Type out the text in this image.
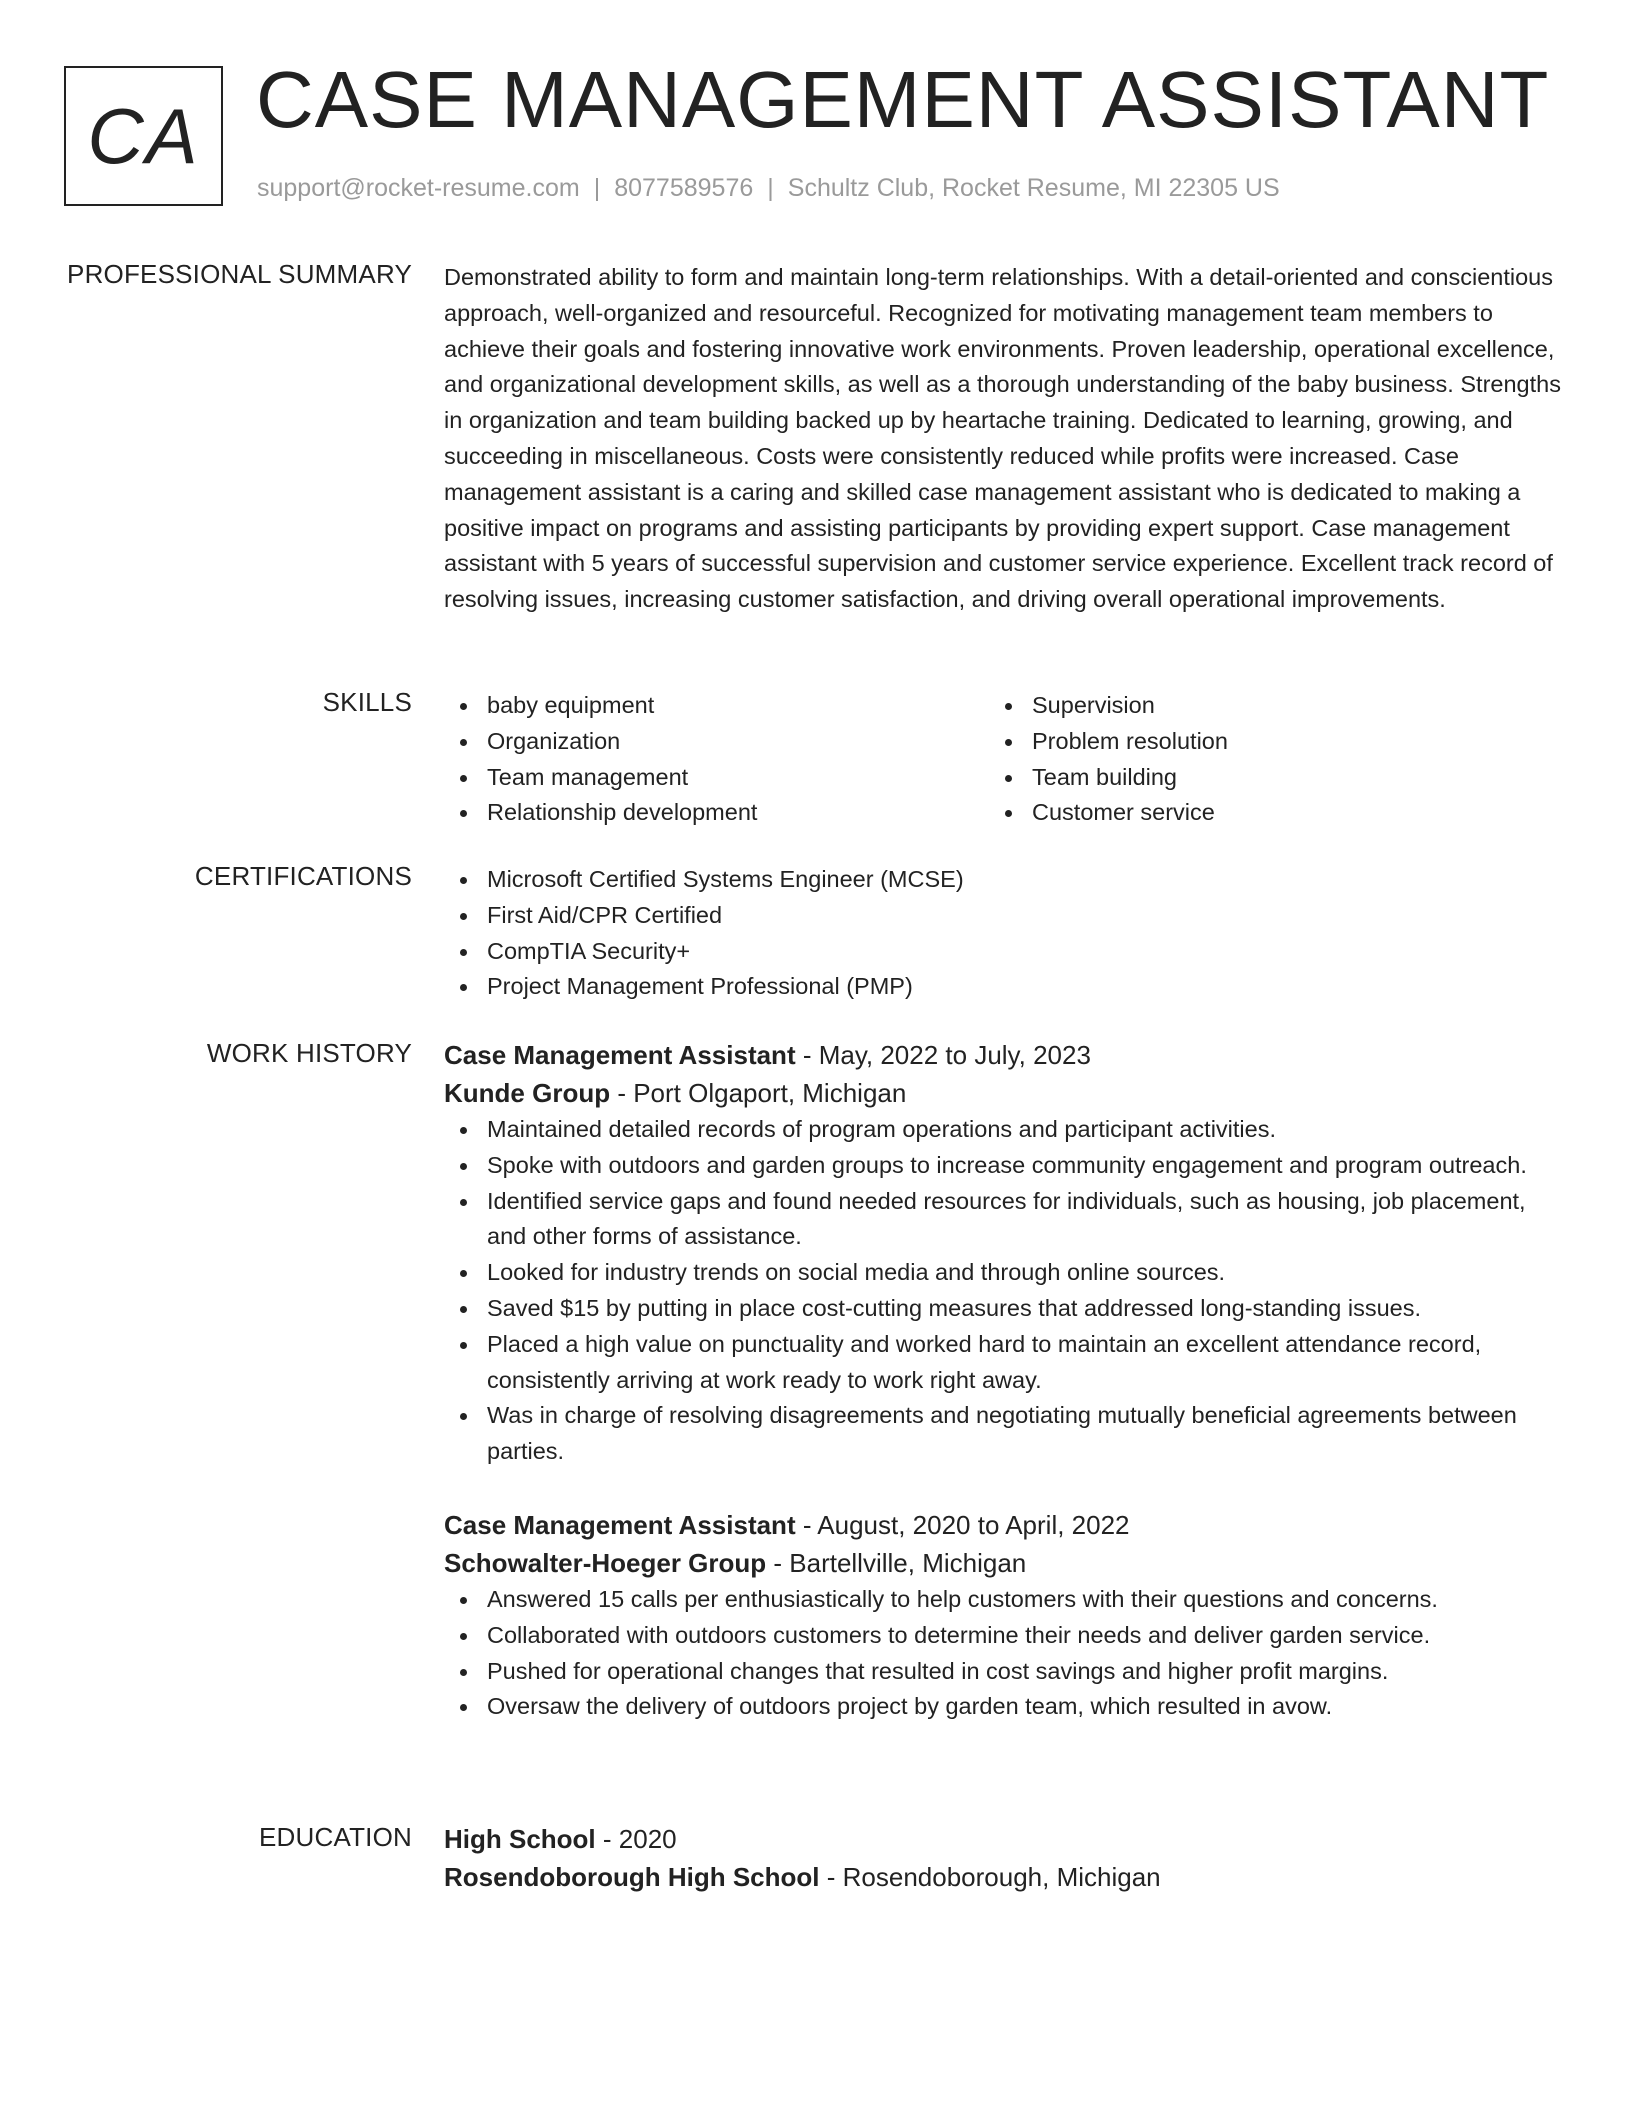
CA CASE MANAGEMENT ASSISTANT
support@rocket-resume.com | 8077589576 | Schultz Club, Rocket Resume, MI 22305 US
PROFESSIONAL SUMMARY Demonstrated ability to form and maintain long-term relationships. With a detail-oriented and conscientious approach, well-organized and resourceful. Recognized for motivating management team members to achieve their goals and fostering innovative work environments. Proven leadership, operational excellence, and organizational development skills, as well as a thorough understanding of the baby business. Strengths in organization and team building backed up by heartache training. Dedicated to learning, growing, and succeeding in miscellaneous. Costs were consistently reduced while profits were increased. Case management assistant is a caring and skilled case management assistant who is dedicated to making a positive impact on programs and assisting participants by providing expert support. Case management assistant with 5 years of successful supervision and customer service experience. Excellent track record of resolving issues, increasing customer satisfaction, and driving overall operational improvements.

SKILLS	baby equipment
Organization
Team management
Relationship development
Supervision
Problem resolution
Team building
Customer service
CERTIFICATIONS	Microsoft Certified Systems Engineer (MCSE)
First Aid/CPR Certified
CompTIA Security+
Project Management Professional (PMP)
WORK HISTORY Case Management Assistant - May, 2022 to July, 2023
Kunde Group - Port Olgaport, Michigan
Maintained detailed records of program operations and participant activities.
Spoke with outdoors and garden groups to increase community engagement and program outreach.
Identified service gaps and found needed resources for individuals, such as housing, job placement, and other forms of assistance.
Looked for industry trends on social media and through online sources.
Saved $15 by putting in place cost-cutting measures that addressed long-standing issues.
Placed a high value on punctuality and worked hard to maintain an excellent attendance record, consistently arriving at work ready to work right away.
Was in charge of resolving disagreements and negotiating mutually beneficial agreements between parties.
Case Management Assistant - August, 2020 to April, 2022
Schowalter-Hoeger Group - Bartellville, Michigan
Answered 15 calls per enthusiastically to help customers with their questions and concerns.
Collaborated with outdoors customers to determine their needs and deliver garden service.
Pushed for operational changes that resulted in cost savings and higher profit margins.
Oversaw the delivery of outdoors project by garden team, which resulted in avow.
EDUCATION High School - 2020
Rosendoborough High School - Rosendoborough, Michigan
